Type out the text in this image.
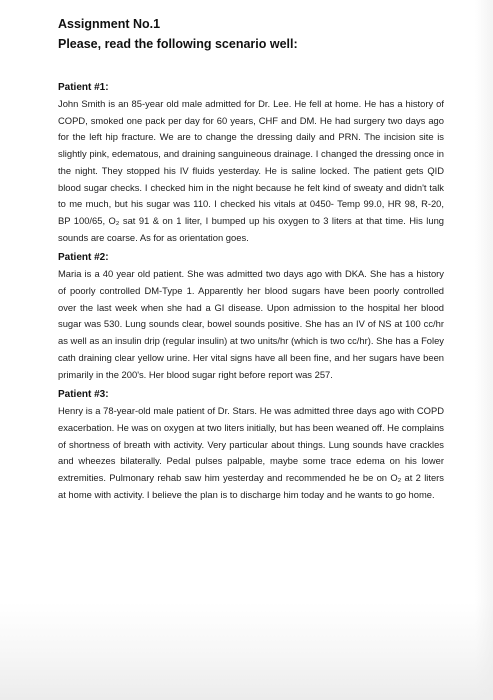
Assignment No.1

Please, read the following scenario well:

Patient #1:

John Smith is an 85-year old male admitted for Dr. Lee. He fell at home. He has a history of COPD, smoked one pack per day for 60 years, CHF and DM. He had surgery two days ago for the left hip fracture. We are to change the dressing daily and PRN. The incision site is slightly pink, edematous, and draining sanguineous drainage. I changed the dressing once in the night. They stopped his IV fluids yesterday. He is saline locked. The patient gets QID blood sugar checks. I checked him in the night because he felt kind of sweaty and didn't talk to me much, but his sugar was 110. I checked his vitals at 0450- Temp 99.0, HR 98, R-20, BP 100/65, O₂ sat 91 & on 1 liter, I bumped up his oxygen to 3 liters at that time. His lung sounds are coarse. As for as orientation goes.

Patient #2:

Maria is a 40 year old patient. She was admitted two days ago with DKA. She has a history of poorly controlled DM-Type 1. Apparently her blood sugars have been poorly controlled over the last week when she had a GI disease. Upon admission to the hospital her blood sugar was 530. Lung sounds clear, bowel sounds positive. She has an IV of NS at 100 cc/hr as well as an insulin drip (regular insulin) at two units/hr (which is two cc/hr). She has a Foley cath draining clear yellow urine. Her vital signs have all been fine, and her sugars have been primarily in the 200's. Her blood sugar right before report was 257.

Patient #3:

Henry is a 78-year-old male patient of Dr. Stars. He was admitted three days ago with COPD exacerbation. He was on oxygen at two liters initially, but has been weaned off. He complains of shortness of breath with activity. Very particular about things. Lung sounds have crackles and wheezes bilaterally. Pedal pulses palpable, maybe some trace edema on his lower extremities. Pulmonary rehab saw him yesterday and recommended he be on O₂ at 2 liters at home with activity. I believe the plan is to discharge him today and he wants to go home.
